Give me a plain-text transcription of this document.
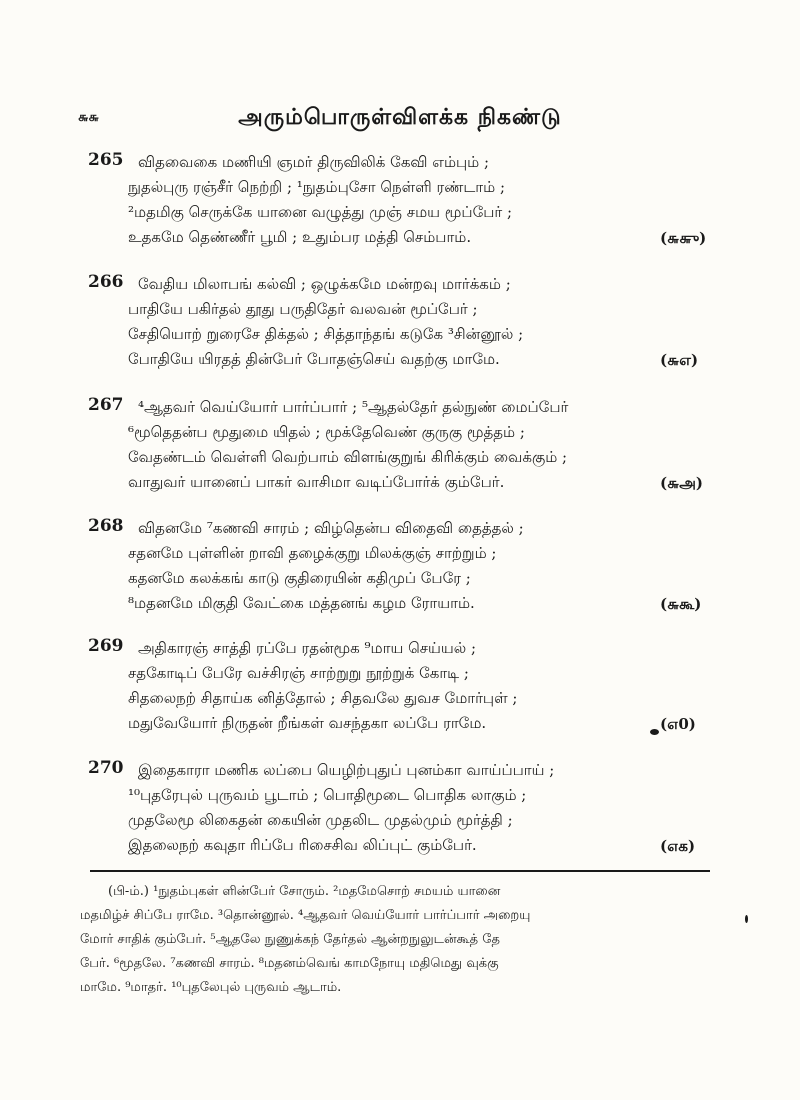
௬௬	அரும்பொருள்விளக்க நிகண்டு
265 விதவைகை மணியி ஞமர் திருவிலிக் கேவி எம்பும் ;
நுதல்புரு ரஞ்சீர் நெற்றி ; ¹நுதம்புசோ நெள்ளி ரண்டாம் ;
²மதமிகு செருக்கே யானை வழுத்து முஞ் சமய மூப்பேர் ;
உதகமே தெண்ணீர் பூமி ; உதும்பர மத்தி செம்பாம்.	(௬௬ு)
266 வேதிய மிலாபங் கல்வி ; ஒழுக்கமே மன்றவு மார்க்கம் ;
பாதியே பகிர்தல் தூது பருதிதேர் வலவன் மூப்பேர் ;
சேதியொற் றுரைசே திக்தல் ; சித்தாந்தங் கடுகே ³சின்னூல் ;
போதியே யிரதத் தின்பேர் போதஞ்செய் வதற்கு மாமே.	(௬எ)
267 ⁴ஆதவர் வெய்யோர் பார்ப்பார் ; ⁵ஆதல்தேர் தல்நுண் மைப்பேர்
⁶மூதெதன்ப மூதுமை யிதல் ; மூக்தேவெண் குருகு மூத்தம் ;
வேதண்டம் வெள்ளி வெற்பாம் விளங்குறுங் கிரிக்கும் வைக்கும் ;
வாதுவர் யானைப் பாகர் வாசிமா வடிப்போர்க் கும்பேர்.	(௬அ)
268 விதனமே ⁷கணவி சாரம் ; விழ்தென்ப விதைவி தைத்தல் ;
சதனமே புள்ளின் றாவி தழைக்குறு மிலக்குஞ் சாற்றும் ;
கதனமே கலக்கங் காடு குதிரையின் கதிமுப் பேரே ;
⁸மதனமே மிகுதி வேட்கை மத்தனங் கழம ரோயாம்.	(௬கூ)
269 அதிகாரஞ் சாத்தி ரப்பே ரதன்மூக ⁹மாய செய்யல் ;
சதகோடிப் பேரே வச்சிரஞ் சாற்றுறு நூற்றுக் கோடி ;
சிதலைநற் சிதாய்க னித்தோல் ; சிதவலே துவச மோர்புள் ;
மதுவேயோர் நிருதன் றீங்கள் வசந்தகா லப்பே ராமே.	(௭0)
270 இதைகாரா மணிக லப்பை யெழிற்புதுப் புனம்கா வாய்ப்பாய் ;
¹⁰புதரேபுல் புருவம் பூடாம் ; பொதிமூடை பொதிக லாகும் ;
முதலேமூ லிகைதன் கையின் முதலிட முதல்மும் மூர்த்தி ;
இதலைநற் கவுதா ரிப்பே ரிசைசிவ லிப்புட் கும்பேர்.	(௭க)
(பி-ம்.) ¹நுதம்புகள் ளின்பேர் சோரும். ²மதமேசொற் சமயம் யானை
மதமிழ்ச் சிப்பே ராமே. ³தொன்னூல். ⁴ஆதவர் வெய்யோர் பார்ப்பார் அறையு
மோர் சாதிக் கும்பேர். ⁵ஆதலே நுணுக்கந் தேர்தல் ஆன்றநுலுடன்கூத் தே
பேர். ⁶மூதலே. ⁷கணவி சாரம். ⁸மதனம்வெங் காமநோயு மதிமெது வுக்கு
மாமே. ⁹மாதர். ¹⁰புதலேபுல் புருவம் ஆடாம்.
